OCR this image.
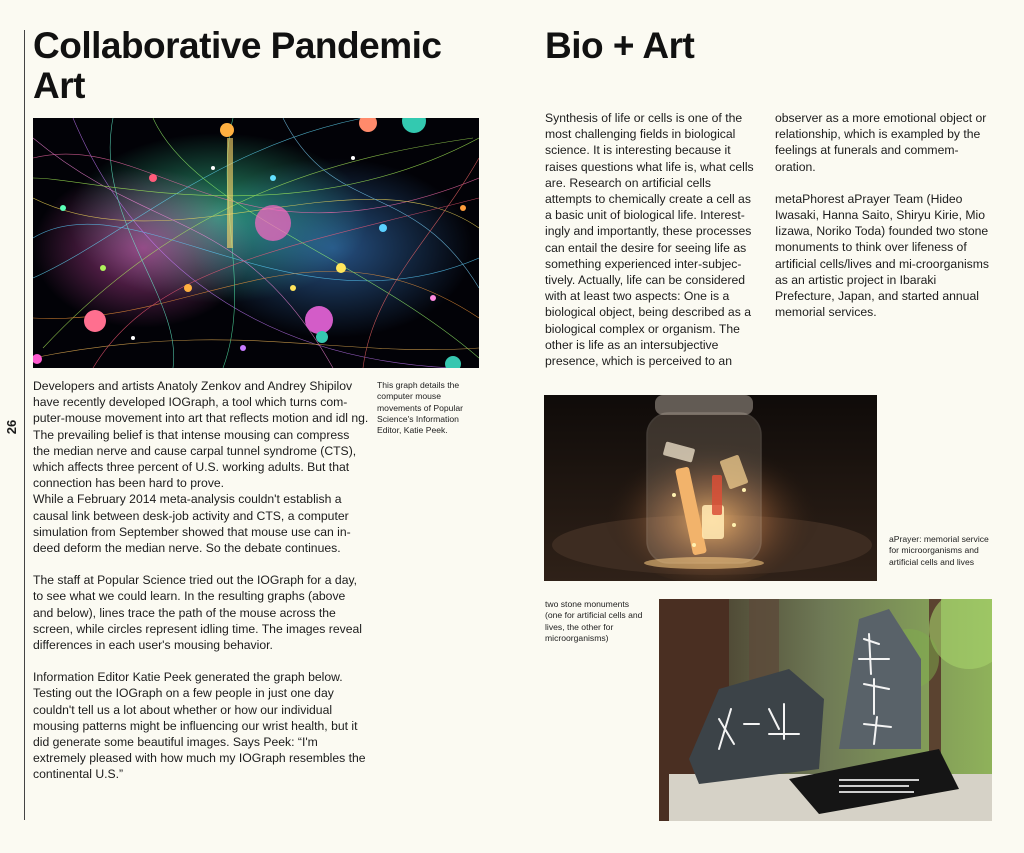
26
Collaborative Pandemic Art
This graph details the computer mouse movements of Popular Science's Information Editor, Katie Peek.

Developers and artists Anatoly Zenkov and Andrey Shipilov have recently developed IOGraph, a tool which turns com-puter-mouse movement into art that reflects motion and idl ng. The prevailing belief is that intense mousing can compress the median nerve and cause carpal tunnel syndrome (CTS), which affects three percent of U.S. working adults. But that connection has been hard to prove.

While a February 2014 meta-analysis couldn't establish a causal link between desk-job activity and CTS, a computer simulation from September showed that mouse use can in-deed deform the median nerve. So the debate continues.

The staff at Popular Science tried out the IOGraph for a day, to see what we could learn. In the resulting graphs (above and below), lines trace the path of the mouse across the screen, while circles represent idling time. The images reveal differences in each user's mousing behavior.

Information Editor Katie Peek generated the graph below. Testing out the IOGraph on a few people in just one day couldn't tell us a lot about whether or how our individual mousing patterns might be influencing our wrist health, but it did generate some beautiful images. Says Peek: “I'm extremely pleased with how much my IOGraph resembles the continental U.S.”

Bio + Art
Synthesis of life or cells is one of the most challenging fields in biological science. It is interesting because it raises questions what life is, what cells are. Research on artificial cells attempts to chemically create a cell as a basic unit of biological life. Interest-ingly and importantly, these processes can entail the desire for seeing life as something experienced inter-subjec-tively. Actually, life can be considered with at least two aspects: One is a biological object, being described as a biological complex or organism. The other is life as an intersubjective presence, which is perceived to an

observer as a more emotional object or relationship, which is exampled by the feelings at funerals and commem-oration.

metaPhorest aPrayer Team (Hideo Iwasaki, Hanna Saito, Shiryu Kirie, Mio Iizawa, Noriko Toda) founded two stone monuments to think over lifeness of artificial cells/lives and mi-croorganisms as an artistic project in Ibaraki Prefecture, Japan, and started annual memorial services.

aPrayer: memorial service for microorganisms and artificial cells and lives
two stone monuments (one for artificial cells and lives, the other for microorganisms)
